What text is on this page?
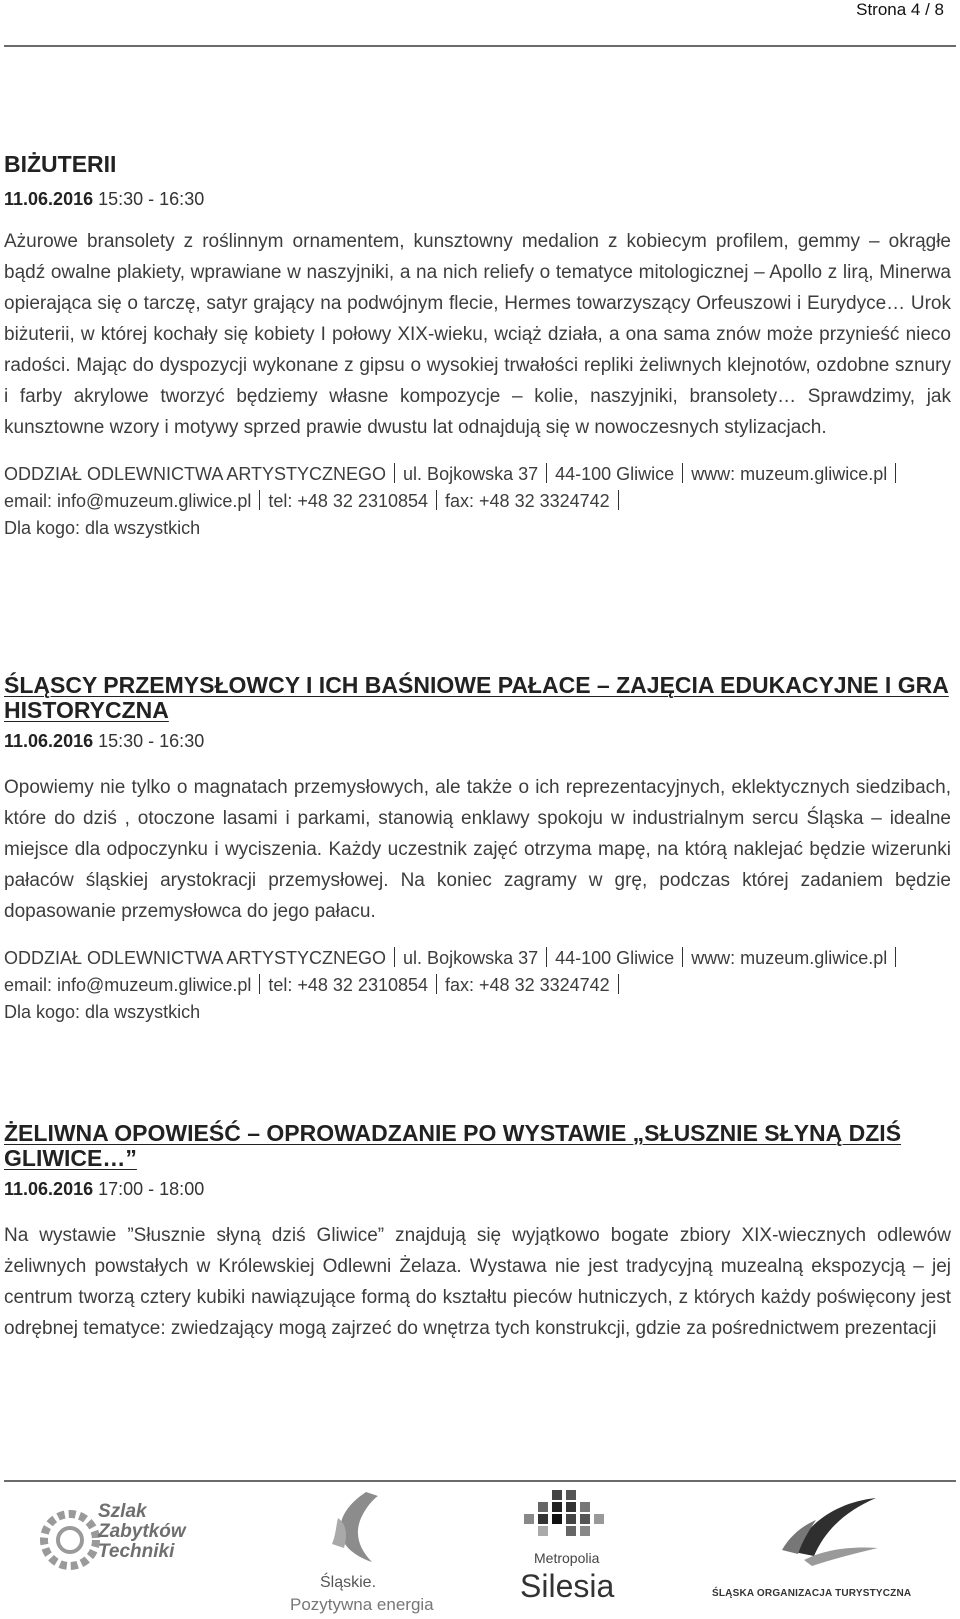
Strona 4 / 8
BIŻUTERII
11.06.2016 15:30 - 16:30

Ażurowe bransolety z roślinnym ornamentem, kunsztowny medalion z kobiecym profilem, gemmy – okrągłe bądź owalne plakiety, wprawiane w naszyjniki, a na nich reliefy o tematyce mitologicznej – Apollo z lirą, Minerwa opierająca się o tarczę, satyr grający na podwójnym flecie, Hermes towarzyszący Orfeuszowi i Eurydyce… Urok biżuterii, w której kochały się kobiety I połowy XIX-wieku, wciąż działa, a ona sama znów może przynieść nieco radości. Mając do dyspozycji wykonane z gipsu o wysokiej trwałości repliki żeliwnych klejnotów, ozdobne sznury i farby akrylowe tworzyć będziemy własne kompozycje – kolie, naszyjniki, bransolety… Sprawdzimy, jak kunsztowne wzory i motywy sprzed prawie dwustu lat odnajdują się w nowoczesnych stylizacjach.

ODDZIAŁ ODLEWNICTWA ARTYSTYCZNEGO ul. Bojkowska 37 44-100 Gliwice www: muzeum.gliwice.plemail: info@muzeum.gliwice.pl tel: +48 32 2310854 fax: +48 32 3324742
Dla kogo: dla wszystkich
ŚLĄSCY PRZEMYSŁOWCY I ICH BAŚNIOWE PAŁACE – ZAJĘCIA EDUKACYJNE I GRA HISTORYCZNA
11.06.2016 15:30 - 16:30

Opowiemy nie tylko o magnatach przemysłowych, ale także o ich reprezentacyjnych, eklektycznych siedzibach, które do dziś , otoczone lasami i parkami, stanowią enklawy spokoju w industrialnym sercu Śląska – idealne miejsce dla odpoczynku i wyciszenia. Każdy uczestnik zajęć otrzyma mapę, na którą naklejać będzie wizerunki pałaców śląskiej arystokracji przemysłowej. Na koniec zagramy w grę, podczas której zadaniem będzie dopasowanie przemysłowca do jego pałacu.

ODDZIAŁ ODLEWNICTWA ARTYSTYCZNEGO ul. Bojkowska 37 44-100 Gliwice www: muzeum.gliwice.plemail: info@muzeum.gliwice.pl tel: +48 32 2310854 fax: +48 32 3324742
Dla kogo: dla wszystkich
ŻELIWNA OPOWIEŚĆ – OPROWADZANIE PO WYSTAWIE „SŁUSZNIE SŁYNĄ DZIŚ GLIWICE…”
11.06.2016 17:00 - 18:00

Na wystawie ”Słusznie słyną dziś Gliwice” znajdują się wyjątkowo bogate zbiory XIX-wiecznych odlewów żeliwnych powstałych w Królewskiej Odlewni Żelaza. Wystawa nie jest tradycyjną muzealną ekspozycją – jej centrum tworzą cztery kubiki nawiązujące formą do kształtu pieców hutniczych, z których każdy poświęcony jest odrębnej tematyce: zwiedzający mogą zajrzeć do wnętrza tych konstrukcji, gdzie za pośrednictwem prezentacji

Szlak
Zabytków
Techniki
Śląskie.
Pozytywna energia
Metropolia
Silesia	ŚLĄSKA ORGANIZACJA TURYSTYCZNA
